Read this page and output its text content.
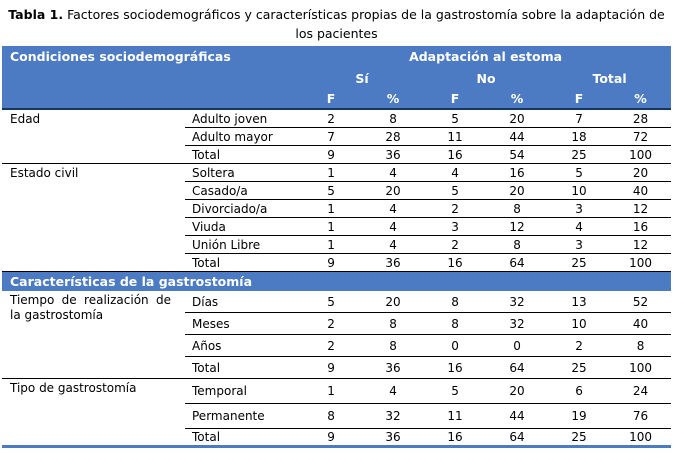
Tabla 1. Factores sociodemográficos y características propias de la gastrostomía sobre la adaptación de los pacientes
Condiciones sociodemográficas		Adaptación al estoma					
		Sí		No		Total	
		F	%	F	%	F	%
Edad	Adulto joven	2	8	5	20	7	28
	Adulto mayor	7	28	11	44	18	72
	Total	9	36	16	54	25	100
Estado civil	Soltera	1	4	4	16	5	20
	Casado/a	5	20	5	20	10	40
	Divorciado/a	1	4	2	8	3	12
	Viuda	1	4	3	12	4	16
	Unión Libre	1	4	2	8	3	12
	Total	9	36	16	64	25	100
Características de la gastrostomía							
Tiempo de realización de la gastrostomía	Días	5	20	8	32	13	52
	Meses	2	8	8	32	10	40
	Años	2	8	0	0	2	8
	Total	9	36	16	64	25	100
Tipo de gastrostomía	Temporal	1	4	5	20	6	24
	Permanente	8	32	11	44	19	76
	Total	9	36	16	64	25	100
